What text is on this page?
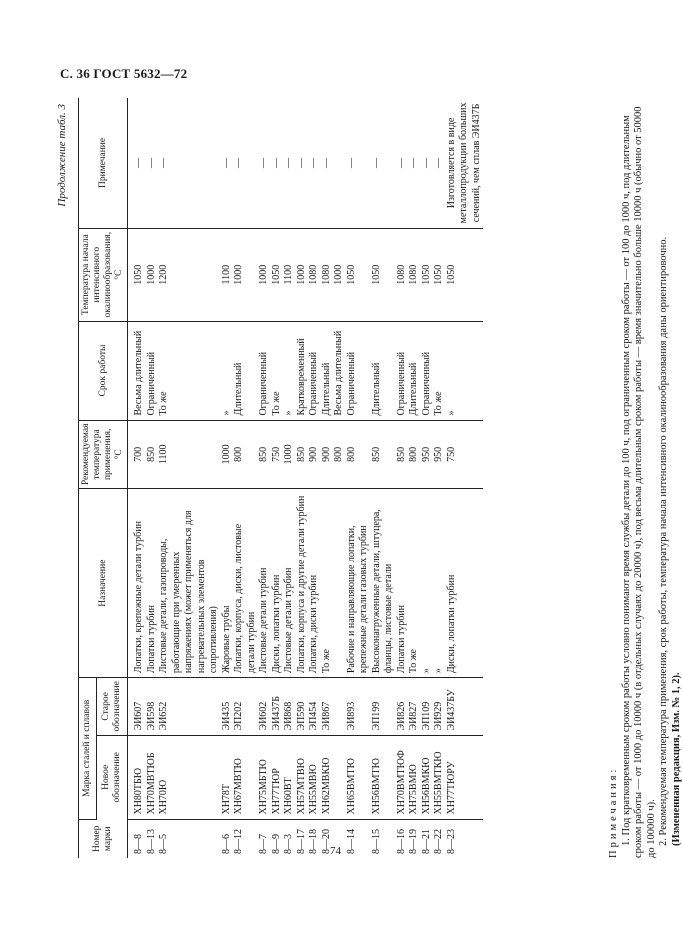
С. 36 ГОСТ 5632—72
Продолжение табл. 3
Номер марки	Марка сталей и сплавов		Назначение	Рекомендуемая температура применения, °С	Срок работы	Температура начала интенсивного окалинообразования, °С	Примечание
	Новое обозначение	Старое обозначение					
8—8	ХН80ТБЮ	ЭИ607	Лопатки, крепежные детали турбин	700	Весьма длительный	1050	—
8—13	ХН70МВТЮБ	ЭИ598	Лопатки турбин	850	Ограниченный	1000	—
8—5	ХН70Ю	ЭИ652	Листовые детали, газопроводы, работающие при умеренных напряжениях (может применяться для нагревательных элементов сопротивления)	1100	То же	1200	—
8—6	ХН78Т	ЭИ435	Жаровые трубы	1000	»	1100	—
8—12	ХН67МВТЮ	ЭП202	Лопатки, корпуса, диски, листовые детали турбин	800	Длительный	1000	—
8—7	ХН75МБТЮ	ЭИ602	Листовые детали турбин	850	Ограниченный	1000	—
8—9	ХН77ТЮР	ЭИ437Б	Диски, лопатки турбин	750	То же	1050	—
8—3	ХН60ВТ	ЭИ868	Листовые детали турбин	1000	»	1100	—
8—17	ХН57МТВЮ	ЭП590	Лопатки, корпуса и другие детали турбин	850	Кратковременный	1000	—
8—18	ХН55МВЮ	ЭП454	Лопатки, диски турбин	900	Ограниченный	1080	—
8—20	ХН62МВКЮ	ЭИ867	То же	900	Длительный	1080	—
				800	Весьма длительный	1000	
8—14	ХН65ВМТЮ	ЭИ893	Рабочие и направляющие лопатки, крепежные детали газовых турбин	800	Ограниченный	1050	—
8—15	ХН56ВМТЮ	ЭП199	Высоконагруженные детали, штуцера, фланцы, листовые детали	850	Длительный	1050	—
8—16	ХН70ВМТЮФ	ЭИ826	Лопатки турбин	850	Ограниченный	1080	—
8—19	ХН75ВМЮ	ЭИ827	То же	800	Длительный	1080	—
8—21	ХН56ВМКЮ	ЭП109	»	950	Ограниченный	1050	—
8—22	ХН55ВМТКЮ	ЭИ929	»	950	То же	1050	—
8—23	ХН77ТЮРУ	ЭИ437БУ	Диски, лопатки турбин	750	»	1050	Изготовляется в виде металлопродукции больших сечений, чем сплав ЭИ437Б

Примечания: 1. Под кратковременным сроком работы условно понимают время службы детали до 100 ч, под ограниченным сроком работы — от 100 до 1000 ч, под длительным сроком работы — от 1000 до 10000 ч (в отдельных случаях до 20000 ч), под весьма длительным сроком работы — время значительно больше 10000 ч (обычно от 50000 до 100000 ч). 2. Рекомендуемая температура применения, срок работы, температура начала интенсивного окалинообразования даны ориентировочно. (Измененная редакция, Изм. № 1, 2).

74
